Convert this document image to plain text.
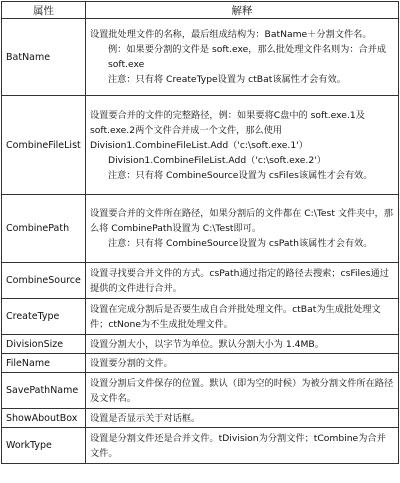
属性	解释
BatName	设置批处理文件的名称，最后组成结构为：BatName＋分割文件名。
例：如果要分割的文件是 soft.exe，那么批处理文件名则为：合并成 soft.exe
注意：只有将 CreateType设置为 ctBat该属性才会有效。

CombineFileList	设置要合并的文件的完整路径，例：如果要将C盘中的 soft.exe.1及 soft.exe.2两个文件合并成一个文件，那么使用 Division1.CombineFileList.Add（'c:\soft.exe.1'）
Division1.CombineFileList.Add（'c:\soft.exe.2'）
注意：只有将 CombineSource设置为 csFiles该属性才会有效。

CombinePath	设置要合并的文件所在路径，如果分割后的文件都在 C:\Test 文件夹中，那么将 CombinePath设置为 C:\Test即可。
注意：只有将 CombineSource设置为 csPath该属性才会有效。

CombineSource	设置寻找要合并文件的方式。csPath通过指定的路径去搜索；csFiles通过提供的文件进行合并。
CreateType	设置在完成分割后是否要生成自合并批处理文件。ctBat为生成批处理文件；ctNone为不生成批处理文件。
DivisionSize	设置分割大小，以字节为单位。默认分割大小为 1.4MB。
FileName	设置要分割的文件。
SavePathName	设置分割后文件保存的位置。默认（即为空的时候）为被分割文件所在路径及文件名。
ShowAboutBox	设置是否显示关于对话框。
WorkType	设置是分割文件还是合并文件。tDivision为分割文件；tCombine为合并文件。
